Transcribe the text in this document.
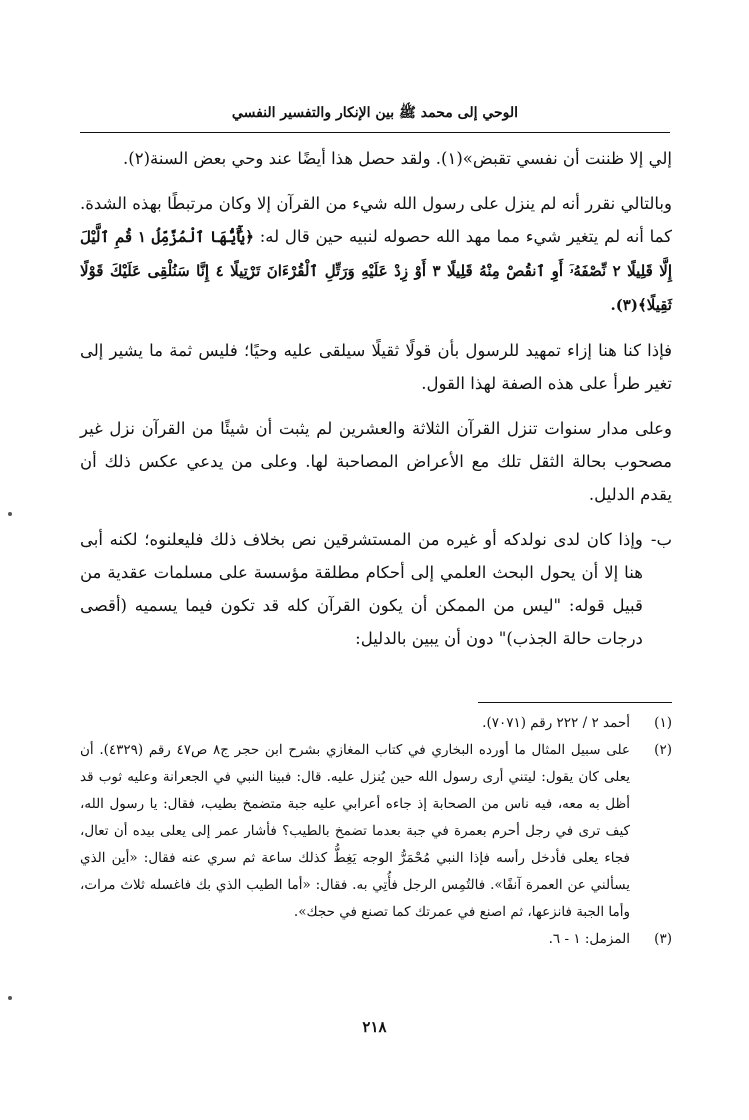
الوحي إلى محمد ﷺ بين الإنكار والتفسير النفسي

إلي إلا ظننت أن نفسي تقبض»(١). ولقد حصل هذا أيضًا عند وحي بعض السنة(٢).

وبالتالي نقرر أنه لم ينزل على رسول الله شيء من القرآن إلا وكان مرتبطًا بهذه الشدة. كما أنه لم يتغير شيء مما مهد الله حصوله لنبيه حين قال له: ﴿يَٰٓأَيُّهَا ٱلْمُزَّمِّلُ ١ قُمِ ٱلَّيْلَ إِلَّا قَلِيلًا ٢ نِّصْفَهُۥٓ أَوِ ٱنقُصْ مِنْهُ قَلِيلًا ٣ أَوْ زِدْ عَلَيْهِ وَرَتِّلِ ٱلْقُرْءَانَ تَرْتِيلًا ٤ إِنَّا سَنُلْقِى عَلَيْكَ قَوْلًا ثَقِيلًا﴾(٣).

فإذا كنا هنا إزاء تمهيد للرسول بأن قولًا ثقيلًا سيلقى عليه وحيًا؛ فليس ثمة ما يشير إلى تغير طرأ على هذه الصفة لهذا القول.

وعلى مدار سنوات تنزل القرآن الثلاثة والعشرين لم يثبت أن شيئًا من القرآن نزل غير مصحوب بحالة الثقل تلك مع الأعراض المصاحبة لها. وعلى من يدعي عكس ذلك أن يقدم الدليل.

ب-
وإذا كان لدى نولدكه أو غيره من المستشرقين نص بخلاف ذلك فليعلنوه؛ لكنه أبى هنا إلا أن يحول البحث العلمي إلى أحكام مطلقة مؤسسة على مسلمات عقدية من قبيل قوله: "ليس من الممكن أن يكون القرآن كله قد تكون فيما يسميه (أقصى درجات حالة الجذب)" دون أن يبين بالدليل:
(١)
أحمد ٢ / ٢٢٢ رقم (٧٠٧١).
(٢)
على سبيل المثال ما أورده البخاري في كتاب المغازي بشرح ابن حجر ج٨ ص٤٧ رقم (٤٣٢٩). أن يعلى كان يقول: ليتني أرى رسول الله حين يُنزل عليه. قال: فبينا النبي في الجعرانة وعليه ثوب قد أظل به معه، فيه ناس من الصحابة إذ جاءه أعرابي عليه جبة متضمخ بطيب، فقال: يا رسول الله، كيف ترى في رجل أحرم بعمرة في جبة بعدما تضمخ بالطيب؟ فأشار عمر إلى يعلى بيده أن تعال، فجاء يعلى فأدخل رأسه فإذا النبي مُحْمَرُّ الوجه يَغِطُّ كذلك ساعة ثم سري عنه فقال: «أين الذي يسألني عن العمرة آنفًا». فالتُمِس الرجل فأُتِي به. فقال: «أما الطيب الذي بك فاغسله ثلاث مرات، وأما الجبة فانزعها، ثم اصنع في عمرتك كما تصنع في حجك».
(٣)
المزمل: ١ - ٦.
٢١٨
